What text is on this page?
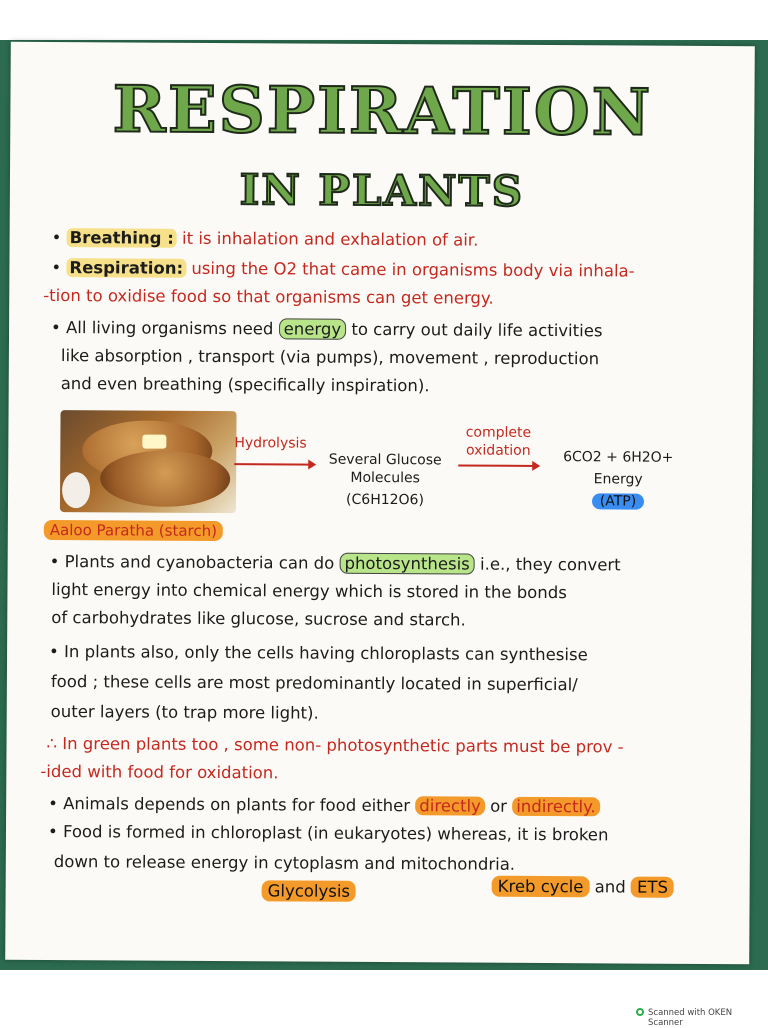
RESPIRATION
IN PLANTS
• Breathing : it is inhalation and exhalation of air.
• Respiration: using the O2 that came in organisms body via inhala-
-tion to oxidise food so that organisms can get energy.
• All living organisms need energy to carry out daily life activities
like absorption , transport (via pumps), movement , reproduction
and even breathing (specifically inspiration).
Hydrolysis
Several Glucose
Molecules
(C6H12O6)
complete
oxidation	6CO2 + 6H2O+
Energy
(ATP)
Aaloo Paratha (starch)
• Plants and cyanobacteria can do photosynthesis i.e., they convert
light energy into chemical energy which is stored in the bonds
of carbohydrates like glucose, sucrose and starch.
• In plants also, only the cells having chloroplasts can synthesise
food ; these cells are most predominantly located in superficial/
outer layers (to trap more light).
∴ In green plants too , some non- photosynthetic parts must be prov -
-ided with food for oxidation.
• Animals depends on plants for food either directly or indirectly.
• Food is formed in chloroplast (in eukaryotes) whereas, it is broken
down to release energy in cytoplasm and mitochondria.
Glycolysis	Kreb cycle and ETS
Scanned with OKEN Scanner
